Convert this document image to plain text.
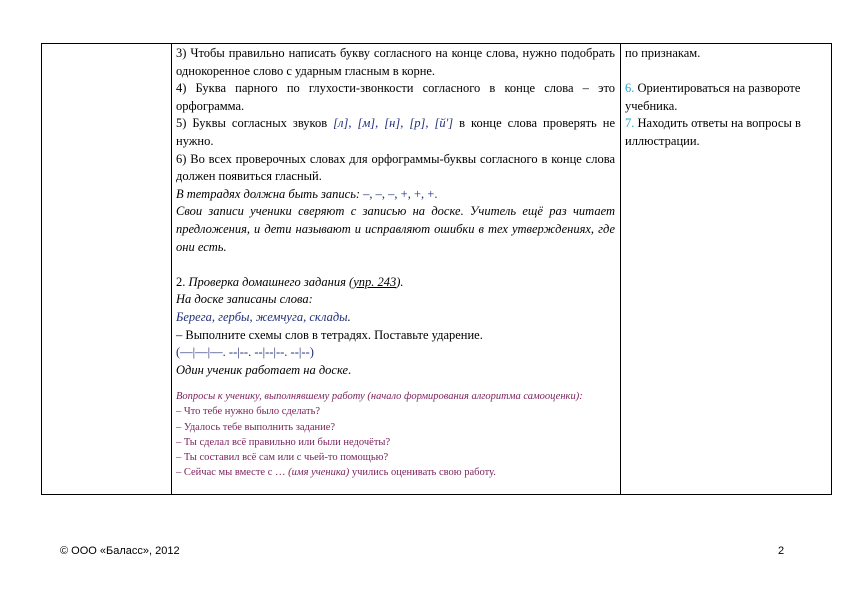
3) Чтобы правильно написать букву согласного на конце слова, нужно подобрать однокоренное слово с ударным гласным в корне.

4) Буква парного по глухости-звонкости согласного в конце слова – это орфограмма.

5) Буквы согласных звуков [л], [м], [н], [р], [й'] в конце слова проверять не нужно.

6) Во всех проверочных словах для орфограммы-буквы согласного в конце слова должен появиться гласный.

В тетрадях должна быть запись: –, –, –, +, +, +.

Свои записи ученики сверяют с записью на доске. Учитель ещё раз читает предложения, и дети называют и исправляют ошибки в тех утверждениях, где они есть.

2. Проверка домашнего задания (упр. 243).

На доске записаны слова:

Берега, гербы, жемчуга, склады.

– Выполните схемы слов в тетрадях. Поставьте ударение.

(—|—|—. --|--. --|--|--. --|--)

Один ученик работает на доске.

Вопросы к ученику, выполнявшему работу (начало формирования алгоритма самооценки):

– Что тебе нужно было сделать?

– Удалось тебе выполнить задание?

– Ты сделал всё правильно или были недочёты?

– Ты составил всё сам или с чьей-то помощью?

– Сейчас мы вместе с … (имя ученика) учились оценивать свою работу.

по признакам.

6. Ориентироваться на развороте учебника.

7. Находить ответы на вопросы в иллюстрации.

© ООО «Баласс», 2012	2
